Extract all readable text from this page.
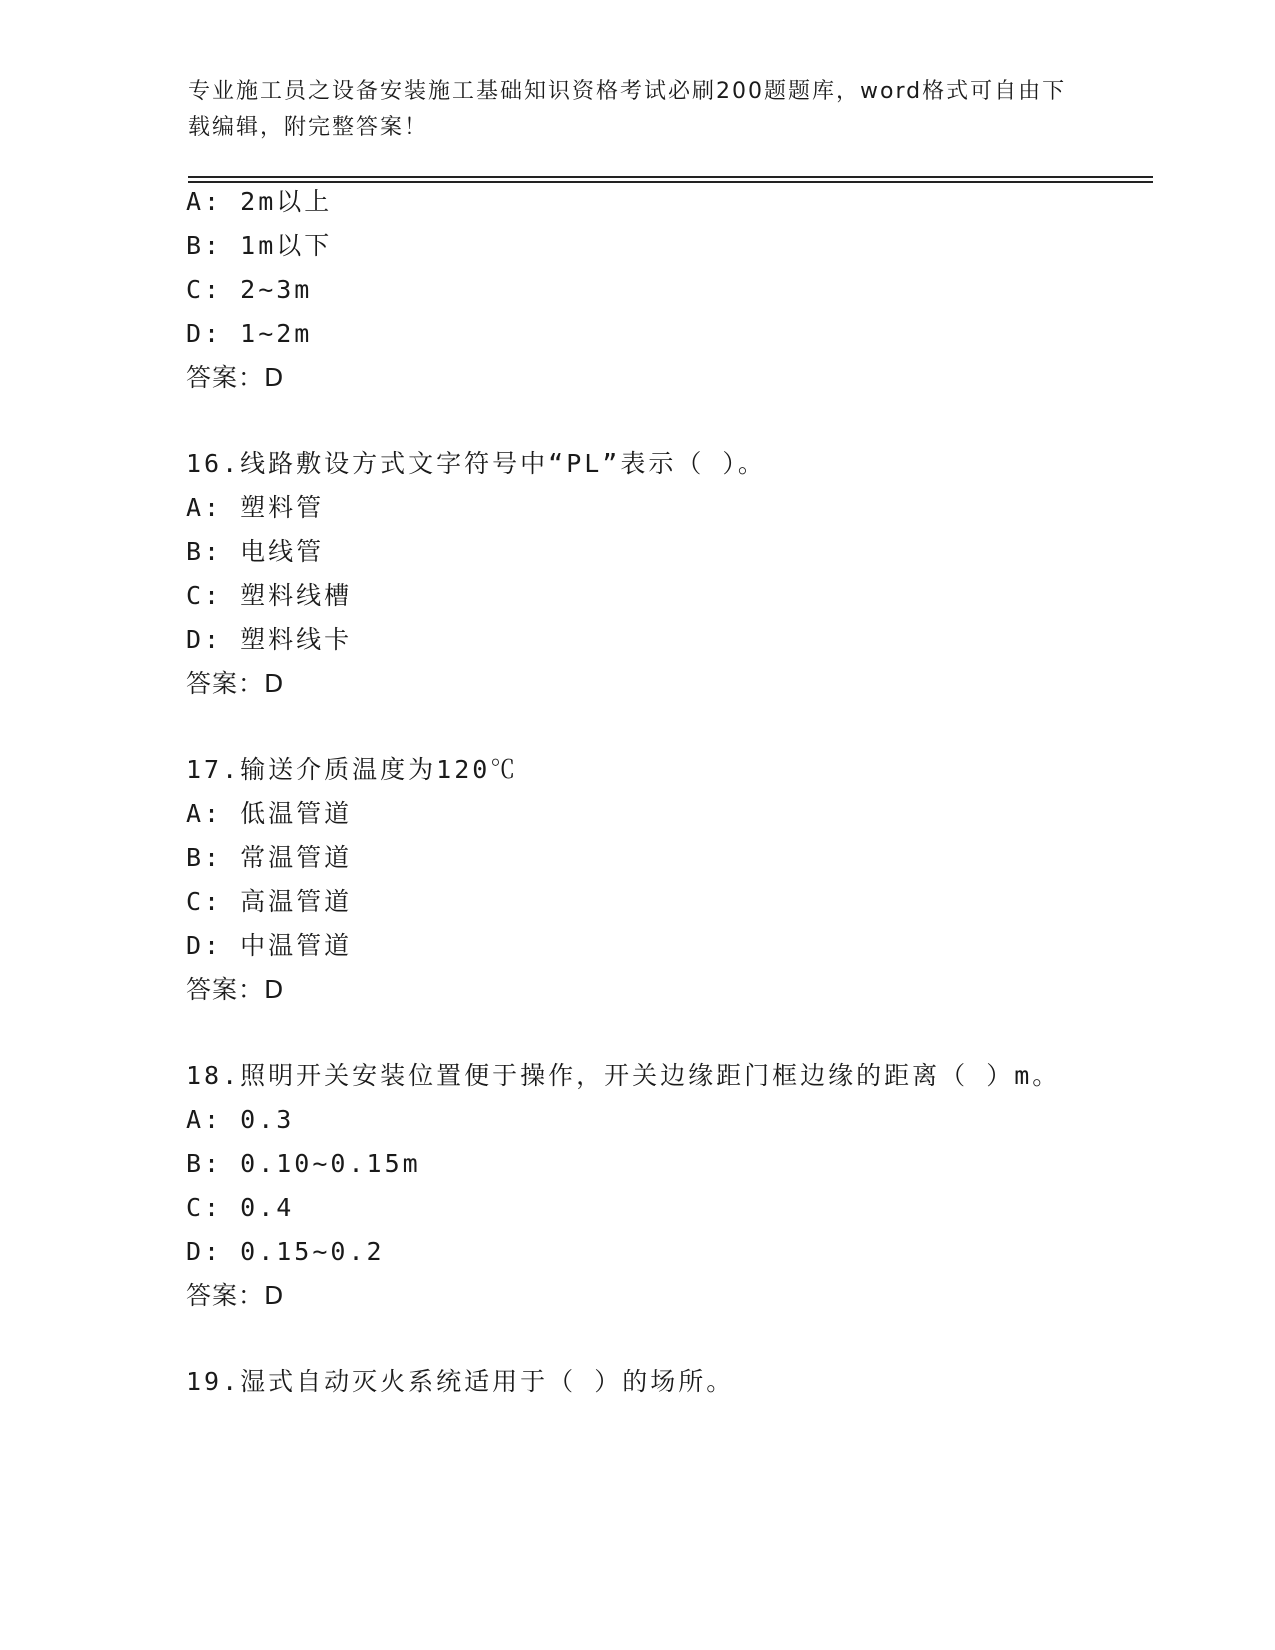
专业施工员之设备安装施工基础知识资格考试必刷200题题库，word格式可自由下载编辑，附完整答案！
A: 2m以上
B: 1m以下
C: 2~3m
D: 1~2m
答案：D
16.线路敷设方式文字符号中“PL”表示（ ）。
A: 塑料管
B: 电线管
C: 塑料线槽
D: 塑料线卡
答案：D
17.输送介质温度为120℃
A: 低温管道
B: 常温管道
C: 高温管道
D: 中温管道
答案：D
18.照明开关安装位置便于操作，开关边缘距门框边缘的距离（ ）m。
A: 0.3
B: 0.10~0.15m
C: 0.4
D: 0.15~0.2
答案：D
19.湿式自动灭火系统适用于（ ）的场所。
